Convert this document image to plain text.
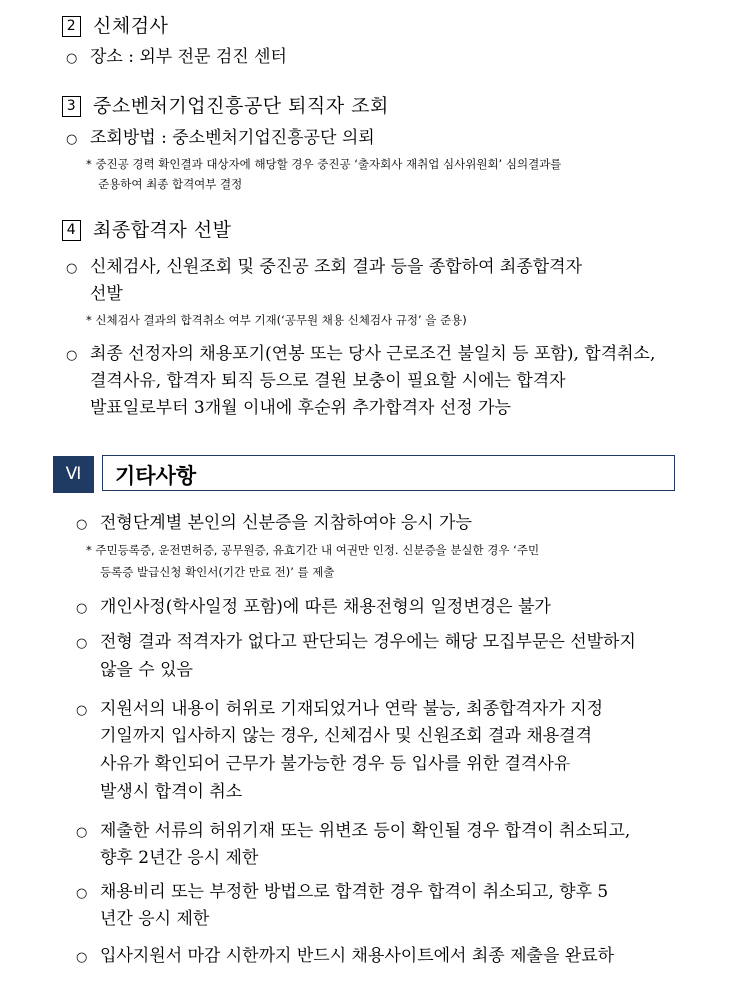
2 신체검사
○ 장소 : 외부 전문 검진 센터
3 중소벤처기업진흥공단 퇴직자 조회
○ 조회방법 : 중소벤처기업진흥공단 의뢰
* 중진공 경력 확인결과 대상자에 해당할 경우 중진공 ‘출자회사 재취업 심사위원회’ 심의결과를
준용하여 최종 합격여부 결정
4 최종합격자 선발
○ 신체검사, 신원조회 및 중진공 조회 결과 등을 종합하여 최종합격자
선발
* 신체검사 결과의 합격취소 여부 기재(‘공무원 채용 신체검사 규정’ 을 준용)
○ 최종 선정자의 채용포기(연봉 또는 당사 근로조건 불일치 등 포함), 합격취소,
결격사유, 합격자 퇴직 등으로 결원 보충이 필요할 시에는 합격자
발표일로부터 3개월 이내에 후순위 추가합격자 선정 가능
Ⅵ	기타사항
○ 전형단계별 본인의 신분증을 지참하여야 응시 가능
* 주민등록증, 운전면허증, 공무원증, 유효기간 내 여권만 인정. 신분증을 분실한 경우 ‘주민
등록증 발급신청 확인서(기간 만료 전)’ 를 제출
○ 개인사정(학사일정 포함)에 따른 채용전형의 일정변경은 불가
○ 전형 결과 적격자가 없다고 판단되는 경우에는 해당 모집부문은 선발하지
않을 수 있음
○ 지원서의 내용이 허위로 기재되었거나 연락 불능, 최종합격자가 지정
기일까지 입사하지 않는 경우, 신체검사 및 신원조회 결과 채용결격
사유가 확인되어 근무가 불가능한 경우 등 입사를 위한 결격사유
발생시 합격이 취소
○ 제출한 서류의 허위기재 또는 위변조 등이 확인될 경우 합격이 취소되고,
향후 2년간 응시 제한
○ 채용비리 또는 부정한 방법으로 합격한 경우 합격이 취소되고, 향후 5
년간 응시 제한
○ 입사지원서 마감 시한까지 반드시 채용사이트에서 최종 제출을 완료하
